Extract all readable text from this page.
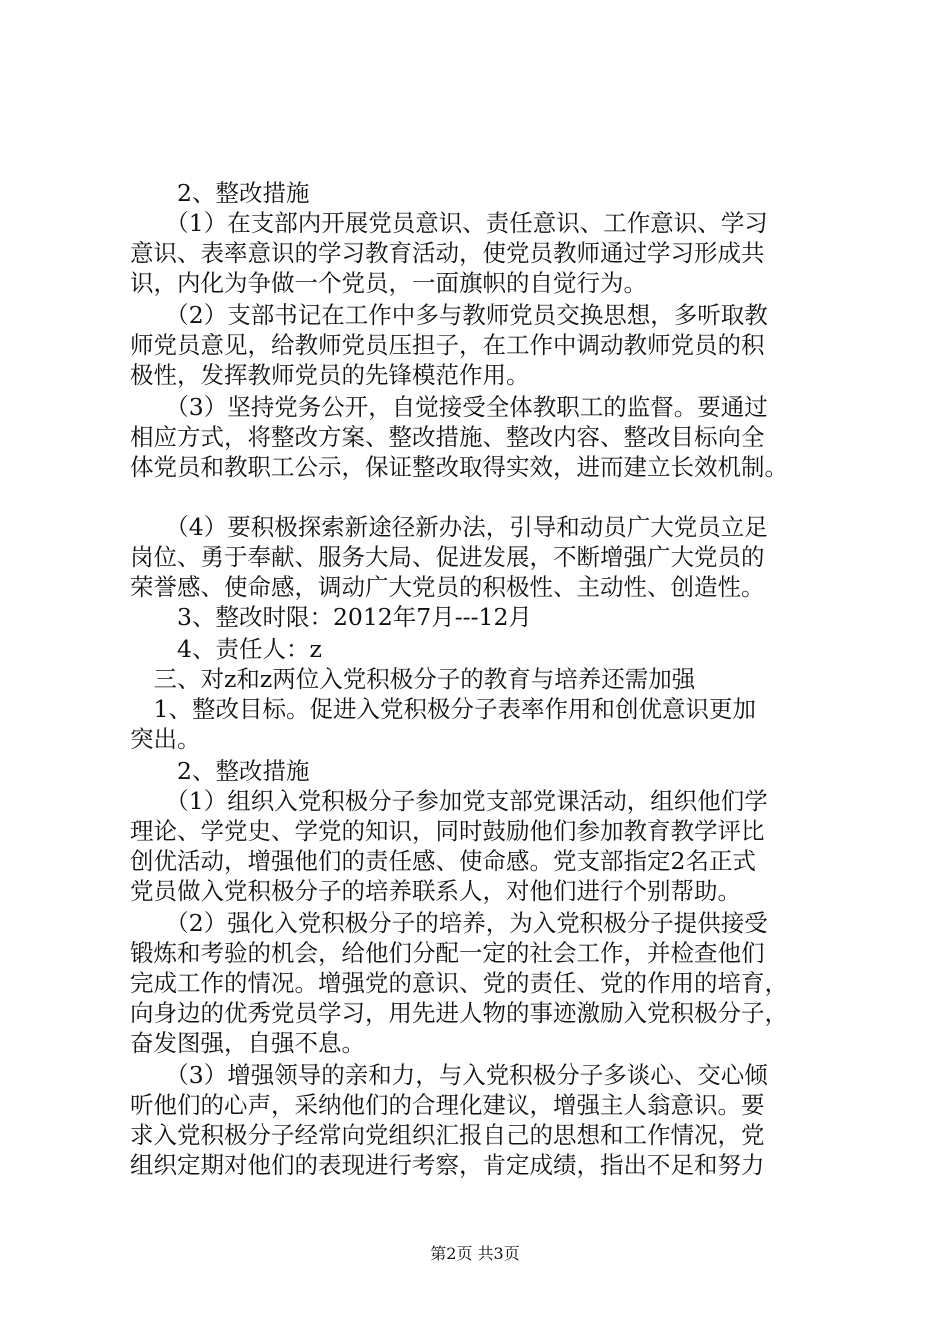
　　2、整改措施
　　（1）在支部内开展党员意识、责任意识、工作意识、学习
意识、表率意识的学习教育活动，使党员教师通过学习形成共
识，内化为争做一个党员，一面旗帜的自觉行为。
　　（2）支部书记在工作中多与教师党员交换思想，多听取教
师党员意见，给教师党员压担子，在工作中调动教师党员的积
极性，发挥教师党员的先锋模范作用。
　　（3）坚持党务公开，自觉接受全体教职工的监督。要通过
相应方式，将整改方案、整改措施、整改内容、整改目标向全
体党员和教职工公示，保证整改取得实效，进而建立长效机制。
　　（4）要积极探索新途径新办法，引导和动员广大党员立足
岗位、勇于奉献、服务大局、促进发展，不断增强广大党员的
荣誉感、使命感，调动广大党员的积极性、主动性、创造性。
　　3、整改时限：2012年7月---12月
　　4、责任人：z
　三、对z和z两位入党积极分子的教育与培养还需加强
　1、整改目标。促进入党积极分子表率作用和创优意识更加
突出。
　　2、整改措施
　　（1）组织入党积极分子参加党支部党课活动，组织他们学
理论、学党史、学党的知识，同时鼓励他们参加教育教学评比
创优活动，增强他们的责任感、使命感。党支部指定2名正式
党员做入党积极分子的培养联系人，对他们进行个别帮助。
　　（2）强化入党积极分子的培养，为入党积极分子提供接受
锻炼和考验的机会，给他们分配一定的社会工作，并检查他们
完成工作的情况。增强党的意识、党的责任、党的作用的培育，
向身边的优秀党员学习，用先进人物的事迹激励入党积极分子，
奋发图强，自强不息。
　　（3）增强领导的亲和力，与入党积极分子多谈心、交心倾
听他们的心声，采纳他们的合理化建议，增强主人翁意识。要
求入党积极分子经常向党组织汇报自己的思想和工作情况，党
组织定期对他们的表现进行考察，肯定成绩，指出不足和努力
第2页 共3页
